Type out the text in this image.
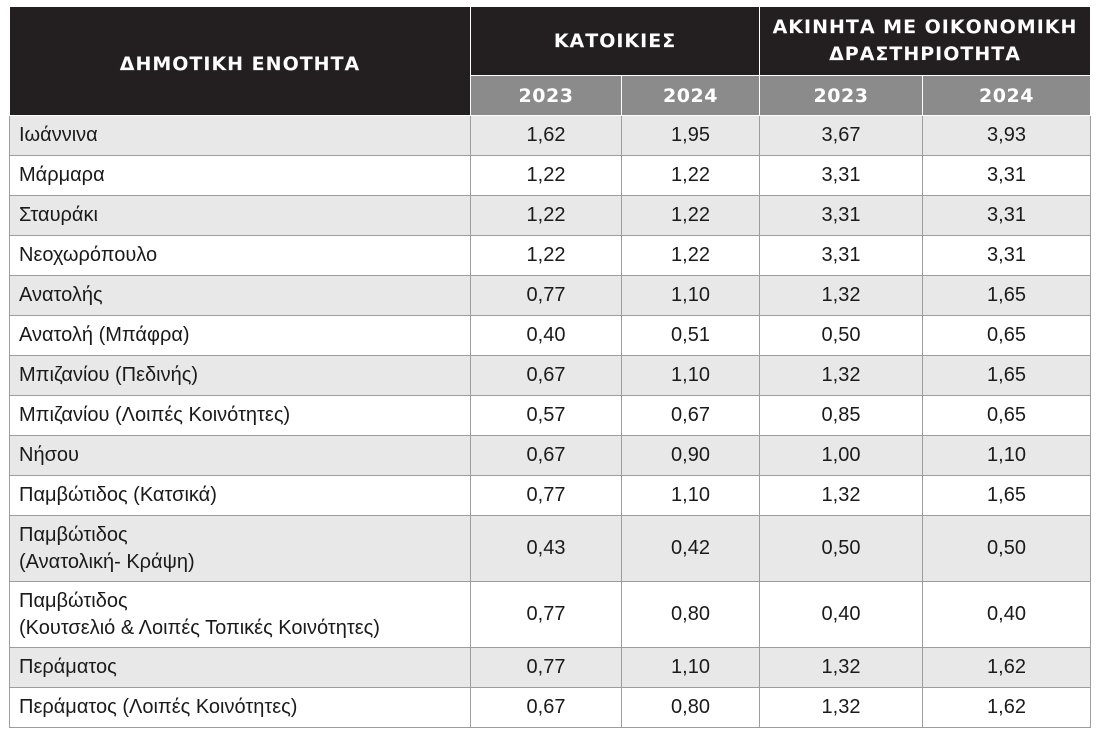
ΔΗΜΟΤΙΚΗ ΕΝΟΤΗΤΑ	ΚΑΤΟΙΚΙΕΣ		ΑΚΙΝΗΤΑ ΜΕ ΟΙΚΟΝΟΜΙΚΗ
ΔΡΑΣΤΗΡΙΟΤΗΤΑ	

	2023	2024	2023	2024
Ιωάννινα	1,62	1,95	3,67	3,93
Μάρμαρα	1,22	1,22	3,31	3,31
Σταυράκι	1,22	1,22	3,31	3,31
Νεοχωρόπουλο	1,22	1,22	3,31	3,31
Ανατολής	0,77	1,10	1,32	1,65
Ανατολή (Μπάφρα)	0,40	0,51	0,50	0,65
Μπιζανίου (Πεδινής)	0,67	1,10	1,32	1,65
Μπιζανίου (Λοιπές Κοινότητες)	0,57	0,67	0,85	0,65
Νήσου	0,67	0,90	1,00	1,10
Παμβώτιδος (Κατσικά)	0,77	1,10	1,32	1,65

Παμβώτιδος
(Ανατολική- Κράψη)	0,43	0,42	0,50	0,50

Παμβώτιδος
(Κουτσελιό & Λοιπές Τοπικές Κοινότητες)	0,77	0,80	0,40	0,40
Περάματος	0,77	1,10	1,32	1,62
Περάματος (Λοιπές Κοινότητες)	0,67	0,80	1,32	1,62
